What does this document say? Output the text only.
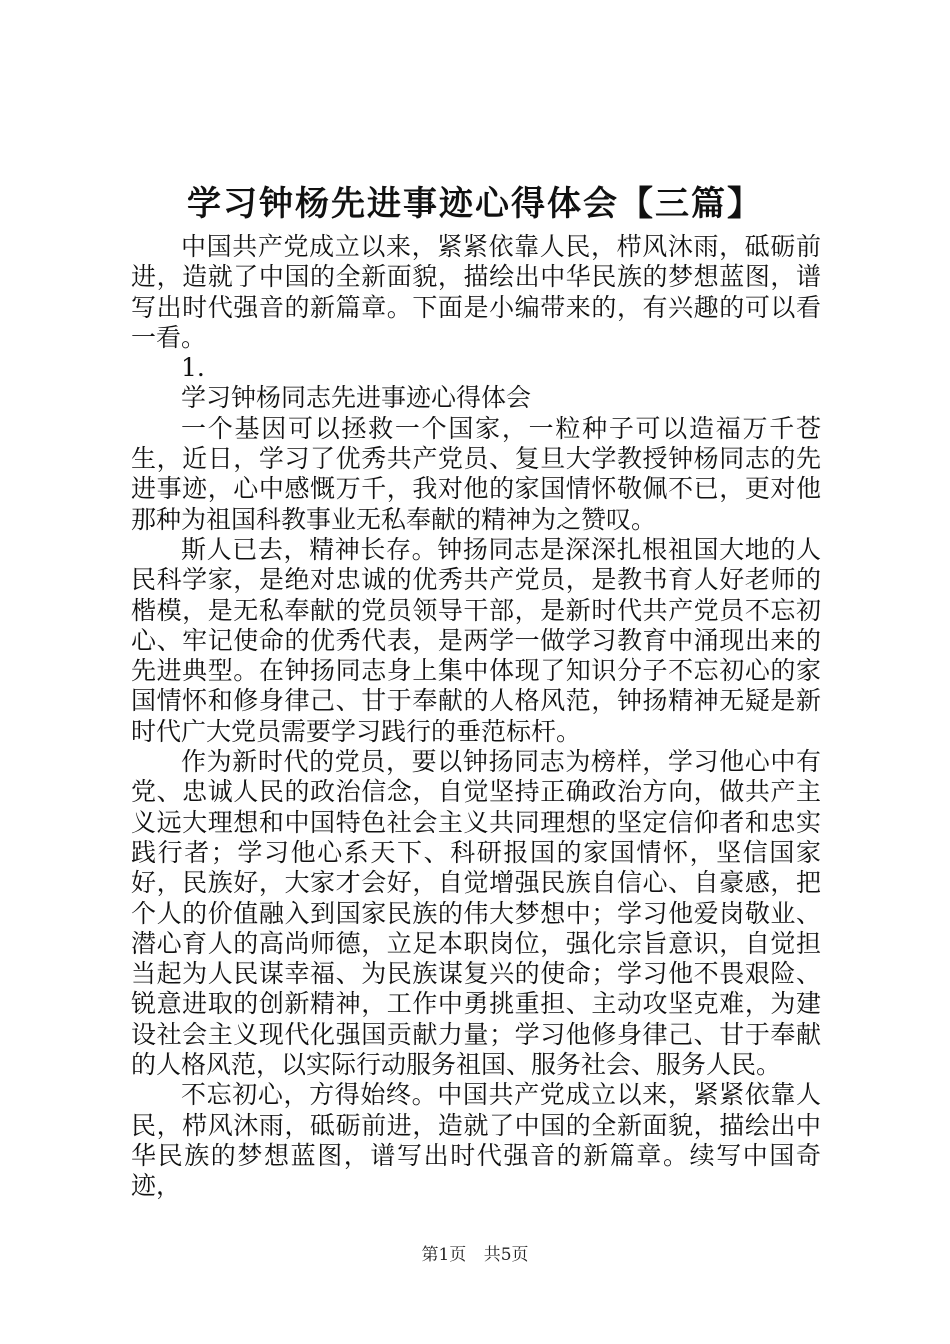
学习钟杨先进事迹心得体会【三篇】

中国共产党成立以来，紧紧依靠人民，栉风沐雨，砥砺前进，造就了中国的全新面貌，描绘出中华民族的梦想蓝图，谱写出时代强音的新篇章。下面是小编带来的，有兴趣的可以看一看。

1.

学习钟杨同志先进事迹心得体会

一个基因可以拯救一个国家，一粒种子可以造福万千苍生，近日，学习了优秀共产党员、复旦大学教授钟杨同志的先进事迹，心中感慨万千，我对他的家国情怀敬佩不已，更对他那种为祖国科教事业无私奉献的精神为之赞叹。

斯人已去，精神长存。钟扬同志是深深扎根祖国大地的人民科学家，是绝对忠诚的优秀共产党员，是教书育人好老师的楷模，是无私奉献的党员领导干部，是新时代共产党员不忘初心、牢记使命的优秀代表，是两学一做学习教育中涌现出来的先进典型。在钟扬同志身上集中体现了知识分子不忘初心的家国情怀和修身律己、甘于奉献的人格风范，钟扬精神无疑是新时代广大党员需要学习践行的垂范标杆。

作为新时代的党员，要以钟扬同志为榜样，学习他心中有党、忠诚人民的政治信念，自觉坚持正确政治方向，做共产主义远大理想和中国特色社会主义共同理想的坚定信仰者和忠实践行者；学习他心系天下、科研报国的家国情怀，坚信国家好，民族好，大家才会好，自觉增强民族自信心、自豪感，把个人的价值融入到国家民族的伟大梦想中；学习他爱岗敬业、潜心育人的高尚师德，立足本职岗位，强化宗旨意识，自觉担当起为人民谋幸福、为民族谋复兴的使命；学习他不畏艰险、锐意进取的创新精神，工作中勇挑重担、主动攻坚克难，为建设社会主义现代化强国贡献力量；学习他修身律己、甘于奉献的人格风范，以实际行动服务祖国、服务社会、服务人民。

不忘初心，方得始终。中国共产党成立以来，紧紧依靠人民，栉风沐雨，砥砺前进，造就了中国的全新面貌，描绘出中华民族的梦想蓝图，谱写出时代强音的新篇章。续写中国奇迹，

第1页 共5页
